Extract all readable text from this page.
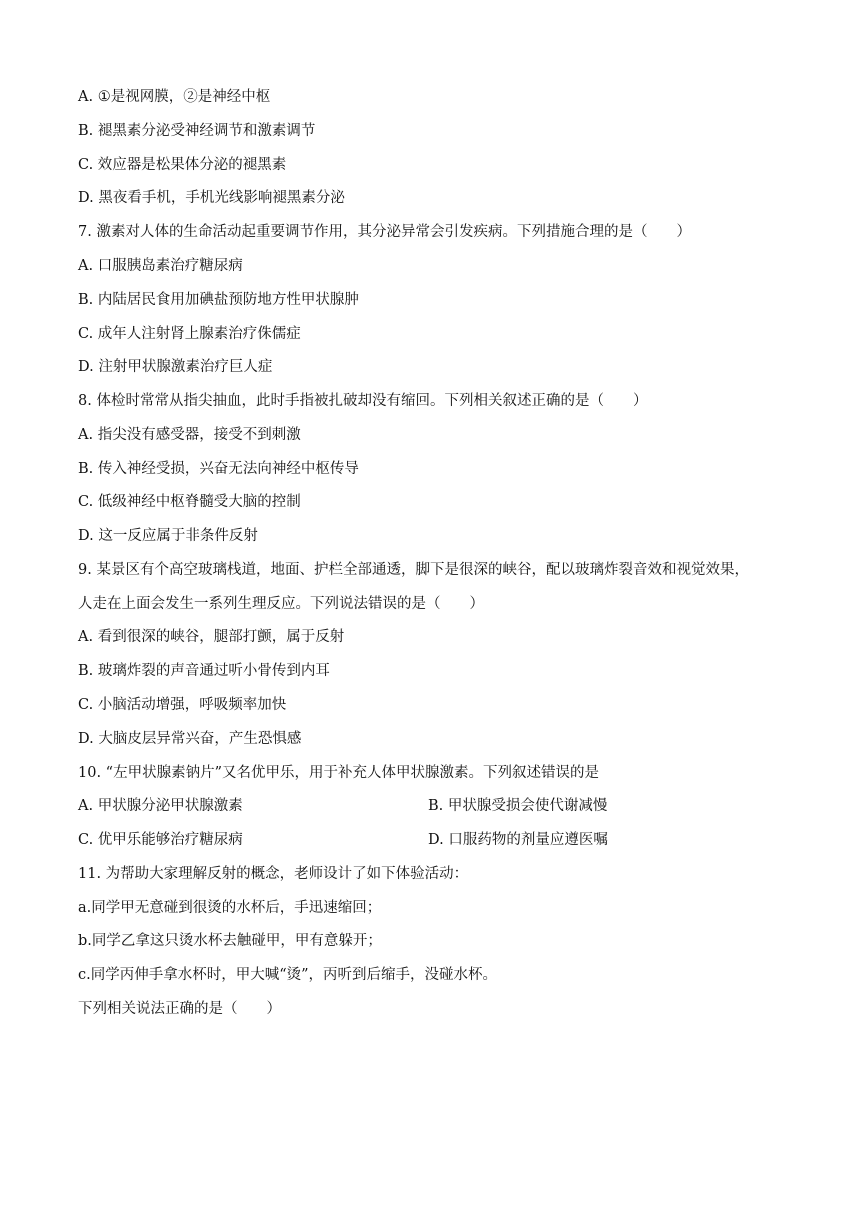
A. ①是视网膜，②是神经中枢
B. 褪黑素分泌受神经调节和激素调节
C. 效应器是松果体分泌的褪黑素
D. 黑夜看手机，手机光线影响褪黑素分泌
7. 激素对人体的生命活动起重要调节作用，其分泌异常会引发疾病。下列措施合理的是（　　）
A. 口服胰岛素治疗糖尿病
B. 内陆居民食用加碘盐预防地方性甲状腺肿
C. 成年人注射肾上腺素治疗侏儒症
D. 注射甲状腺激素治疗巨人症
8. 体检时常常从指尖抽血，此时手指被扎破却没有缩回。下列相关叙述正确的是（　　）
A. 指尖没有感受器，接受不到刺激
B. 传入神经受损，兴奋无法向神经中枢传导
C. 低级神经中枢脊髓受大脑的控制
D. 这一反应属于非条件反射
9. 某景区有个高空玻璃栈道，地面、护栏全部通透，脚下是很深的峡谷，配以玻璃炸裂音效和视觉效果，
人走在上面会发生一系列生理反应。下列说法错误的是（　　）
A. 看到很深的峡谷，腿部打颤，属于反射
B. 玻璃炸裂的声音通过听小骨传到内耳
C. 小脑活动增强，呼吸频率加快
D. 大脑皮层异常兴奋，产生恐惧感
10. “左甲状腺素钠片”又名优甲乐，用于补充人体甲状腺激素。下列叙述错误的是
A. 甲状腺分泌甲状腺激素	B. 甲状腺受损会使代谢减慢
C. 优甲乐能够治疗糖尿病	D. 口服药物的剂量应遵医嘱
11. 为帮助大家理解反射的概念，老师设计了如下体验活动：
a.同学甲无意碰到很烫的水杯后，手迅速缩回；
b.同学乙拿这只烫水杯去触碰甲，甲有意躲开；
c.同学丙伸手拿水杯时，甲大喊“烫”，丙听到后缩手，没碰水杯。
下列相关说法正确的是（　　）
